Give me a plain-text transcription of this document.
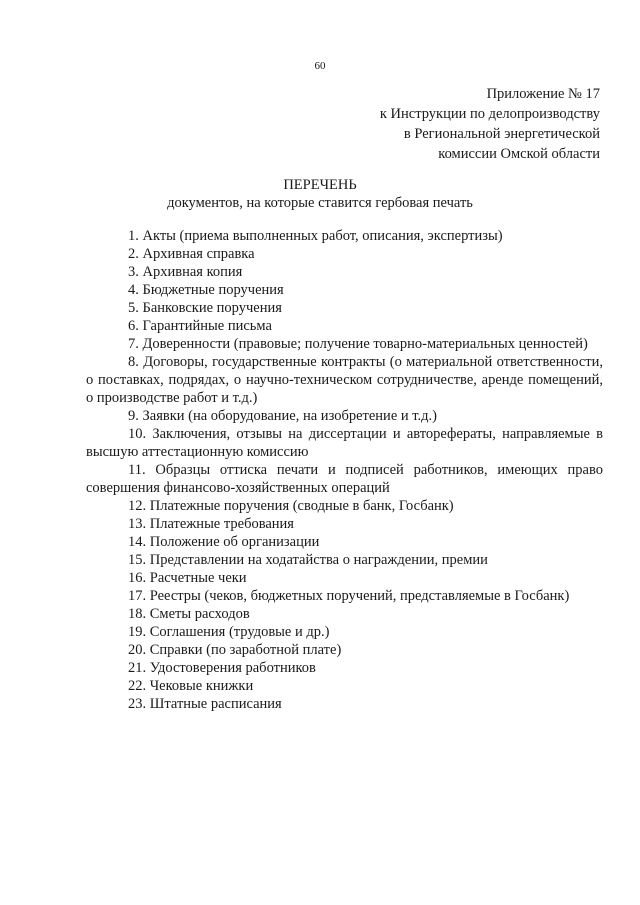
60
Приложение № 17
к Инструкции по делопроизводству
в Региональной энергетической
комиссии Омской области
ПЕРЕЧЕНЬ
документов, на которые ставится гербовая печать

1. Акты (приема выполненных работ, описания, экспертизы)

2. Архивная справка

3. Архивная копия

4. Бюджетные поручения

5. Банковские поручения

6. Гарантийные письма

7. Доверенности (правовые; получение товарно-материальных ценностей)

8. Договоры, государственные контракты (о материальной ответственности, о поставках, подрядах, о научно-техническом сотрудничестве, аренде помещений, о производстве работ и т.д.)

9. Заявки (на оборудование, на изобретение и т.д.)

10. Заключения, отзывы на диссертации и авторефераты, направляемые в высшую аттестационную комиссию

11. Образцы оттиска печати и подписей работников, имеющих право совершения финансово-хозяйственных операций

12. Платежные поручения (сводные в банк, Госбанк)

13. Платежные требования

14. Положение об организации

15. Представлении на ходатайства о награждении, премии

16. Расчетные чеки

17. Реестры (чеков, бюджетных поручений, представляемые в Госбанк)

18. Сметы расходов

19. Соглашения (трудовые и др.)

20. Справки (по заработной плате)

21. Удостоверения работников

22. Чековые книжки

23. Штатные расписания
